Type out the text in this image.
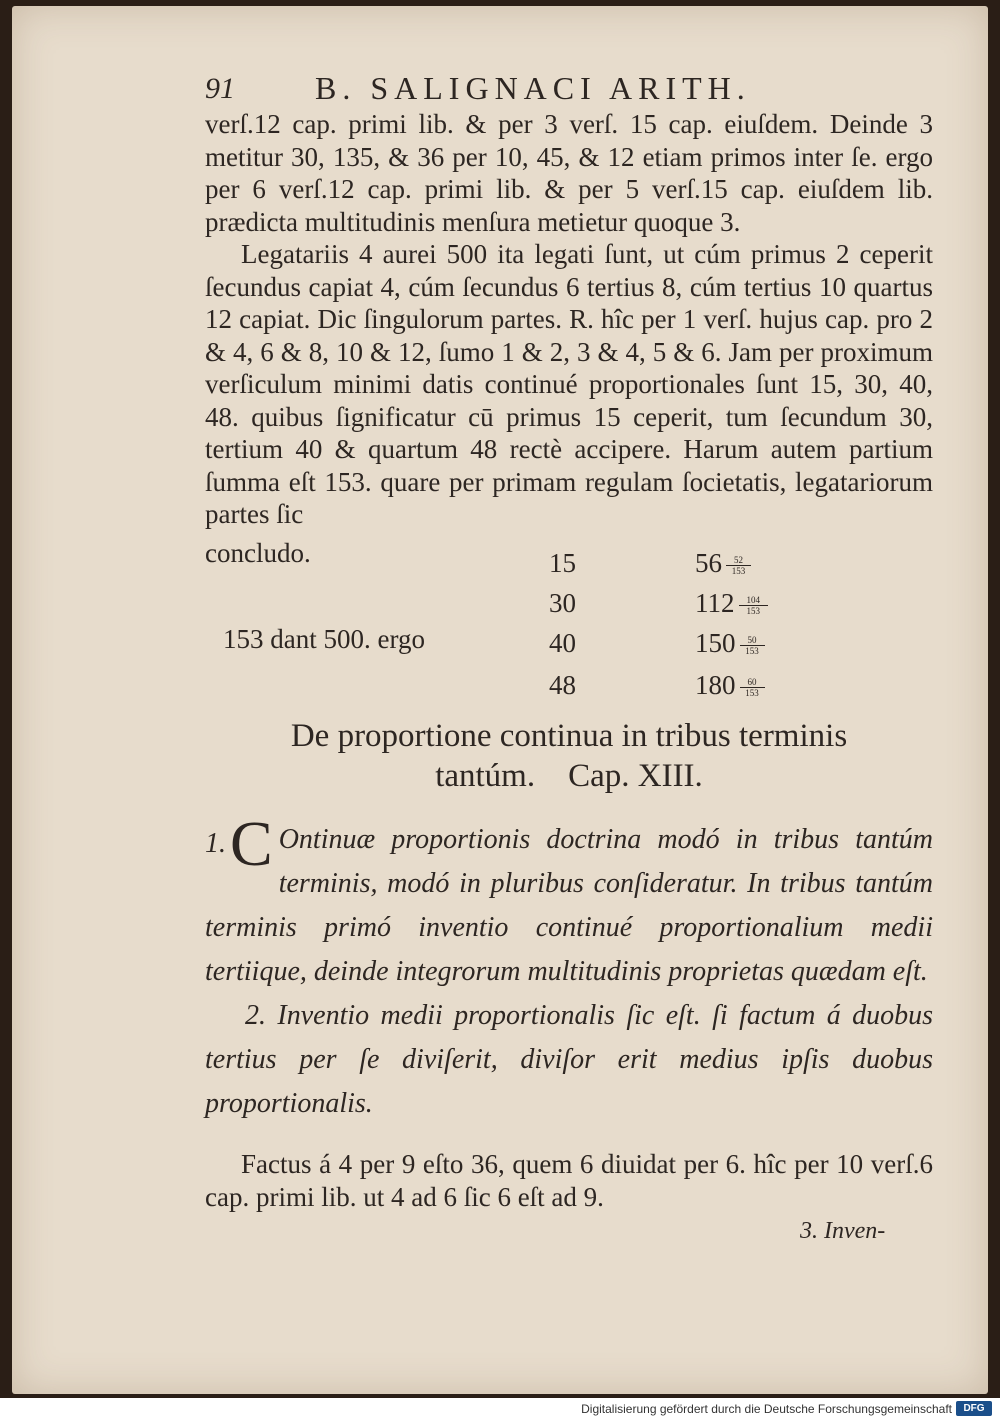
91	B. SALIGNACI ARITH.
verſ.12 cap. primi lib. & per 3 verſ. 15 cap. eiuſdem. Deinde 3 metitur 30, 135, & 36 per 10, 45, & 12 etiam primos inter ſe. ergo per 6 verſ.12 cap. primi lib. & per 5 verſ.15 cap. eiuſdem lib. prædicta multitudinis menſura metietur quoque 3.
Legatariis 4 aurei 500 ita legati ſunt, ut cúm primus 2 ceperit ſecundus capiat 4, cúm ſecundus 6 tertius 8, cúm tertius 10 quartus 12 capiat. Dic ſingulorum partes. R. hîc per 1 verſ. hujus cap. pro 2 & 4, 6 & 8, 10 & 12, ſumo 1 & 2, 3 & 4, 5 & 6. Jam per proximum verſiculum minimi datis continué proportionales ſunt 15, 30, 40, 48. quibus ſignificatur cū primus 15 ceperit, tum ſecundum 30, tertium 40 & quartum 48 rectè accipere. Harum autem partium ſumma eſt 153. quare per primam regulam ſocietatis, legatariorum partes ſic
concludo.
153 dant 500. ergo
15	$56 \frac{52}{153}$
30	$112 \frac{104}{153}$
40	$150 \frac{50}{153}$
48	$180 \frac{60}{153}$
De proportione continua in tribus terminis
tantúm.    Cap. XIII.
1. C Ontinuæ proportionis doctrina modó in tribus tantúm terminis, modó in pluribus conſideratur. In tribus tantúm terminis primó inventio continué proportionalium medii tertiique, deinde integrorum multitudinis proprietas quædam eſt.
2. Inventio medii proportionalis ſic eſt. ſi factum á duobus tertius per ſe diviſerit, diviſor erit medius ipſis duobus proportionalis.
Factus á 4 per 9 eſto 36, quem 6 diuidat per 6. hîc per 10 verſ.6 cap. primi lib. ut 4 ad 6 ſic 6 eſt ad 9.
3. Inven-
Digitalisierung gefördert durch die Deutsche Forschungsgemeinschaft	DFG
